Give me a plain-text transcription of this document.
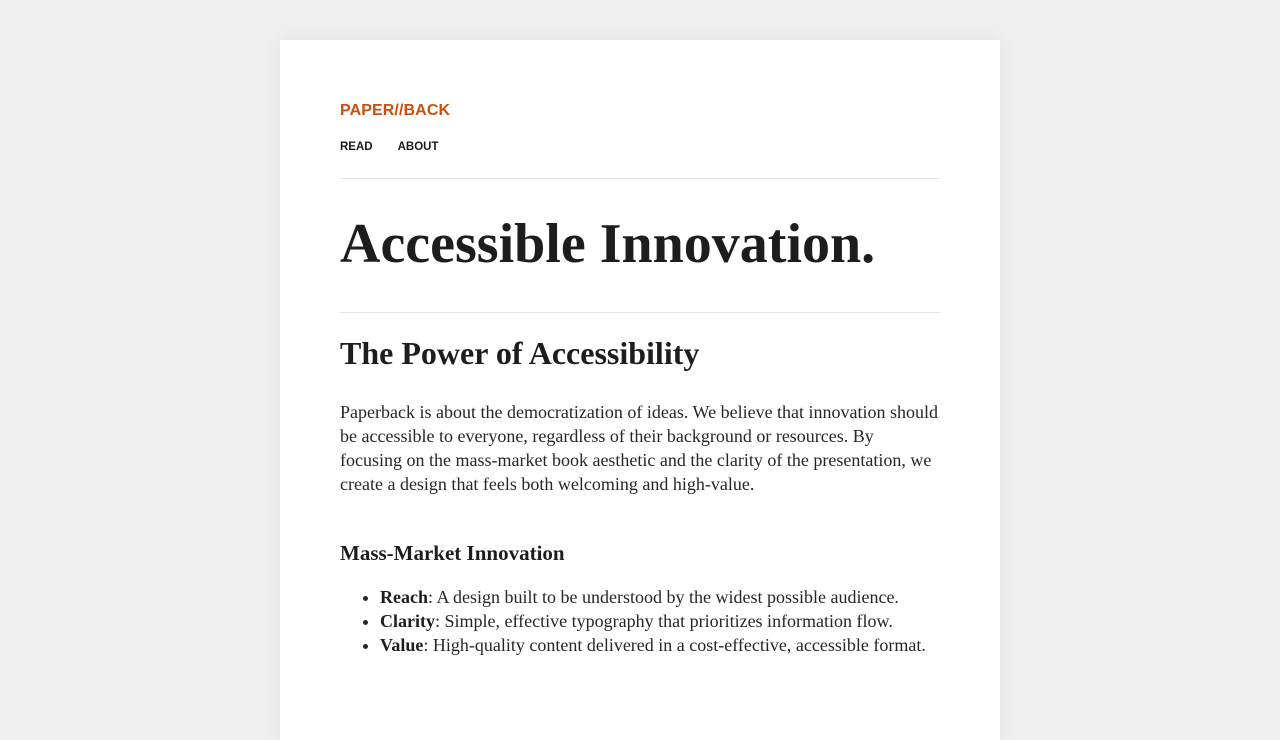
PAPER//BACK
READ ABOUT
Accessible Innovation.
The Power of Accessibility

Paperback is about the democratization of ideas. We believe that innovation should be accessible to everyone, regardless of their background or resources. By focusing on the mass-market book aesthetic and the clarity of the presentation, we create a design that feels both welcoming and high-value.

Mass-Market Innovation
• Reach: A design built to be understood by the widest possible audience.
• Clarity: Simple, effective typography that prioritizes information flow.
• Value: High-quality content delivered in a cost-effective, accessible format.
